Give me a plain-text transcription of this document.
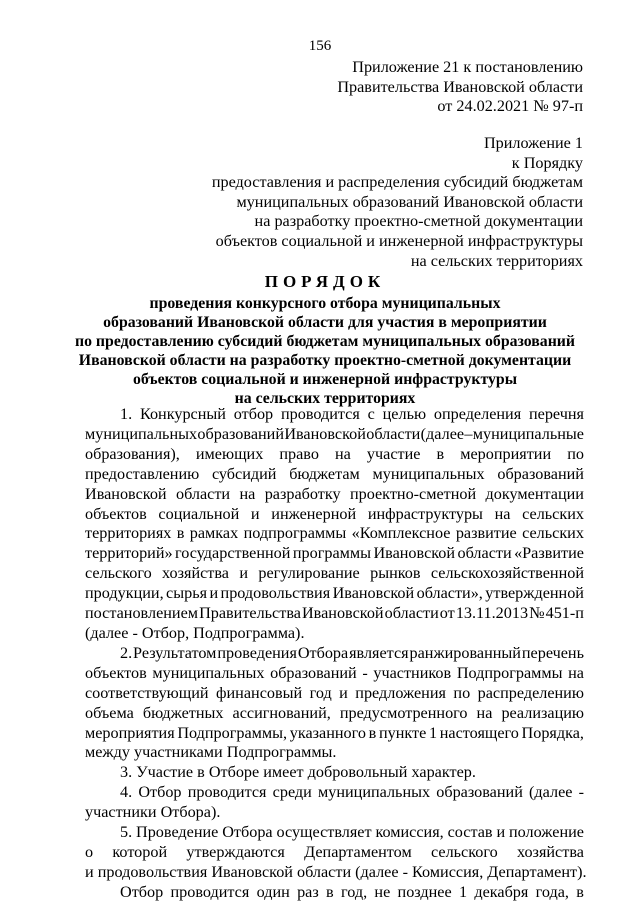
156
Приложение 21 к постановлению
Правительства Ивановской области
от 24.02.2021 № 97-п
Приложение 1
к Порядку
предоставления и распределения субсидий бюджетам
муниципальных образований Ивановской области
на разработку проектно-сметной документации
объектов социальной и инженерной инфраструктуры
на сельских территориях
ПОРЯДОК
проведения конкурсного отбора муниципальных
образований Ивановской области для участия в мероприятии
по предоставлению субсидий бюджетам муниципальных образований
Ивановской области на разработку проектно-сметной документации
объектов социальной и инженерной инфраструктуры
на сельских территориях
1. Конкурсный отбор проводится с целью определения перечня
муниципальных образований Ивановской области (далее – муниципальные
образования), имеющих право на участие в мероприятии по
предоставлению субсидий бюджетам муниципальных образований
Ивановской области на разработку проектно-сметной документации
объектов социальной и инженерной инфраструктуры на сельских
территориях в рамках подпрограммы «Комплексное развитие сельских
территорий» государственной программы Ивановской области «Развитие
сельского хозяйства и регулирование рынков сельскохозяйственной
продукции, сырья и продовольствия Ивановской области», утвержденной
постановлением Правительства Ивановской области от 13.11.2013 № 451-п
(далее - Отбор, Подпрограмма).
2. Результатом проведения Отбора является ранжированный перечень
объектов муниципальных образований - участников Подпрограммы на
соответствующий финансовый год и предложения по распределению
объема бюджетных ассигнований, предусмотренного на реализацию
мероприятия Подпрограммы, указанного в пункте 1 настоящего Порядка,
между участниками Подпрограммы.
3. Участие в Отборе имеет добровольный характер.
4. Отбор проводится среди муниципальных образований (далее -
участники Отбора).
5. Проведение Отбора осуществляет комиссия, состав и положение
о которой утверждаются Департаментом сельского хозяйства
и продовольствия Ивановской области (далее - Комиссия, Департамент).
Отбор проводится один раз в год, не позднее 1 декабря года, в
